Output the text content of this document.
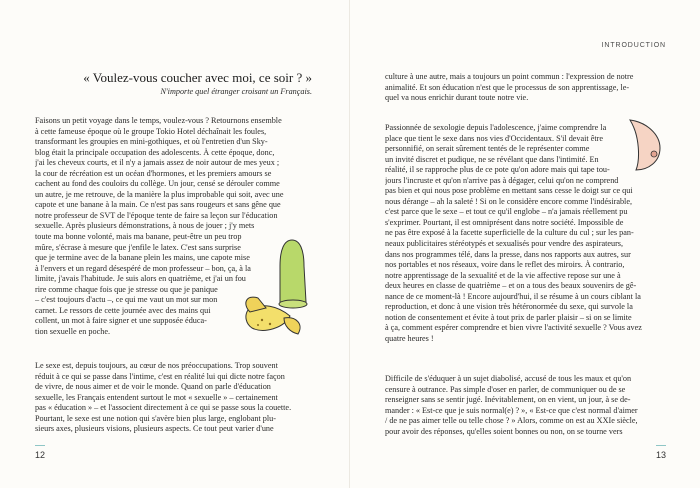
« Voulez-vous coucher avec moi, ce soir ? »
N'importe quel étranger croisant un Français.
Faisons un petit voyage dans le temps, voulez-vous ? Retournons ensemble
à cette fameuse époque où le groupe Tokio Hotel déchaînait les foules,
transformant les groupies en mini-gothiques, et où l'entretien d'un Sky-
blog était la principale occupation des adolescents. À cette époque, donc,
j'ai les cheveux courts, et il n'y a jamais assez de noir autour de mes yeux ;
la cour de récréation est un océan d'hormones, et les premiers amours se
cachent au fond des couloirs du collège. Un jour, censé se dérouler comme
un autre, je me retrouve, de la manière la plus improbable qui soit, avec une
capote et une banane à la main. Ce n'est pas sans rougeurs et sans gêne que
notre professeur de SVT de l'époque tente de faire sa leçon sur l'éducation
sexuelle. Après plusieurs démonstrations, à nous de jouer ; j'y mets
toute ma bonne volonté, mais ma banane, peut-être un peu trop
mûre, s'écrase à mesure que j'enfile le latex. C'est sans surprise
que je termine avec de la banane plein les mains, une capote mise
à l'envers et un regard désespéré de mon professeur – bon, ça, à la
limite, j'avais l'habitude. Je suis alors en quatrième, et j'ai un fou
rire comme chaque fois que je stresse ou que je panique
– c'est toujours d'actu –, ce qui me vaut un mot sur mon
carnet. Le ressors de cette journée avec des mains qui
collent, un mot à faire signer et une supposée éduca-
tion sexuelle en poche.
Le sexe est, depuis toujours, au cœur de nos préoccupations. Trop souvent
réduit à ce qui se passe dans l'intime, c'est en réalité lui qui dicte notre façon
de vivre, de nous aimer et de voir le monde. Quand on parle d'éducation
sexuelle, les Français entendent surtout le mot « sexuelle » – certainement
pas « éducation » – et l'associent directement à ce qui se passe sous la couette.
Pourtant, le sexe est une notion qui s'avère bien plus large, englobant plu-
sieurs axes, plusieurs visions, plusieurs aspects. Ce tout peut varier d'une
12
INTRODUCTION
culture à une autre, mais a toujours un point commun : l'expression de notre
animalité. Et son éducation n'est que le processus de son apprentissage, le-
quel va nous enrichir durant toute notre vie.
Passionnée de sexologie depuis l'adolescence, j'aime comprendre la
place que tient le sexe dans nos vies d'Occidentaux. S'il devait être
personnifié, on serait sûrement tentés de le représenter comme
un invité discret et pudique, ne se révélant que dans l'intimité. En
réalité, il se rapproche plus de ce pote qu'on adore mais qui tape tou-
jours l'incruste et qu'on n'arrive pas à dégager, celui qu'on ne comprend
pas bien et qui nous pose problème en mettant sans cesse le doigt sur ce qui
nous dérange – ah la saleté ! Si on le considère encore comme l'indésirable,
c'est parce que le sexe – et tout ce qu'il englobe – n'a jamais réellement pu
s'exprimer. Pourtant, il est omniprésent dans notre société. Impossible de
ne pas être exposé à la facette superficielle de la culture du cul ; sur les pan-
neaux publicitaires stéréotypés et sexualisés pour vendre des aspirateurs,
dans nos programmes télé, dans la presse, dans nos rapports aux autres, sur
nos portables et nos réseaux, voire dans le reflet des miroirs. À contrario,
notre apprentissage de la sexualité et de la vie affective repose sur une à
deux heures en classe de quatrième – et on a tous des beaux souvenirs de gê-
nance de ce moment-là ! Encore aujourd'hui, il se résume à un cours ciblant la
reproduction, et donc à une vision très hétéronormée du sexe, qui survole la
notion de consentement et évite à tout prix de parler plaisir – si on se limite
à ça, comment espérer comprendre et bien vivre l'activité sexuelle ? Vous avez
quatre heures !
Difficile de s'éduquer à un sujet diabolisé, accusé de tous les maux et qu'on
censure à outrance. Pas simple d'oser en parler, de communiquer ou de se
renseigner sans se sentir jugé. Inévitablement, on en vient, un jour, à se de-
mander : « Est-ce que je suis normal(e) ? », « Est-ce que c'est normal d'aimer
/ de ne pas aimer telle ou telle chose ? » Alors, comme on est au XXIe siècle,
pour avoir des réponses, qu'elles soient bonnes ou non, on se tourne vers
13
